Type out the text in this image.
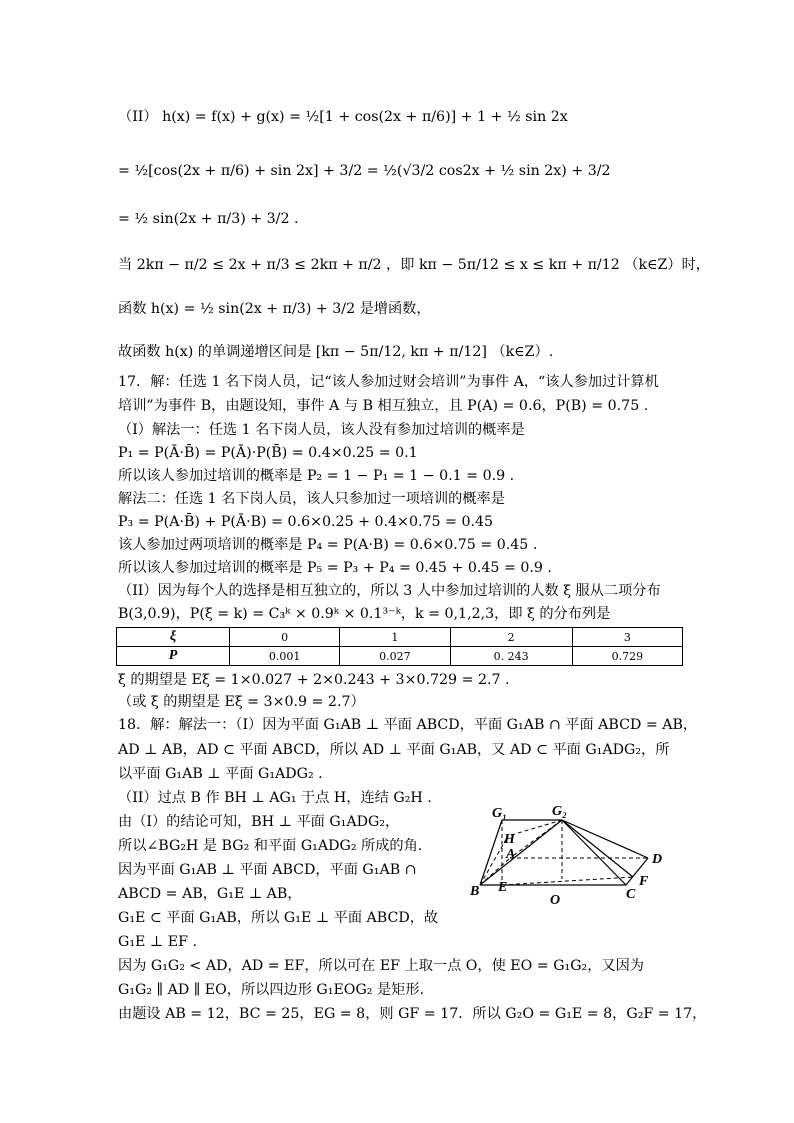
（II） h(x) = f(x) + g(x) = ½[1 + cos(2x + π/6)] + 1 + ½ sin 2x
= ½[cos(2x + π/6) + sin 2x] + 3/2 = ½(√3/2 cos2x + ½ sin 2x) + 3/2
= ½ sin(2x + π/3) + 3/2 .
当 2kπ − π/2 ≤ 2x + π/3 ≤ 2kπ + π/2 ，即 kπ − 5π/12 ≤ x ≤ kπ + π/12 （k∈Z）时，
函数 h(x) = ½ sin(2x + π/3) + 3/2 是增函数，
故函数 h(x) 的单调递增区间是 [kπ − 5π/12, kπ + π/12] （k∈Z）.
17．解：任选 1 名下岗人员，记“该人参加过财会培训”为事件 A，“该人参加过计算机
培训”为事件 B，由题设知，事件 A 与 B 相互独立，且 P(A) = 0.6，P(B) = 0.75 .
（I）解法一：任选 1 名下岗人员，该人没有参加过培训的概率是
P₁ = P(Ā·B̄) = P(Ā)·P(B̄) = 0.4×0.25 = 0.1
所以该人参加过培训的概率是 P₂ = 1 − P₁ = 1 − 0.1 = 0.9 .
解法二：任选 1 名下岗人员，该人只参加过一项培训的概率是
P₃ = P(A·B̄) + P(Ā·B) = 0.6×0.25 + 0.4×0.75 = 0.45
该人参加过两项培训的概率是 P₄ = P(A·B) = 0.6×0.75 = 0.45 .
所以该人参加过培训的概率是 P₅ = P₃ + P₄ = 0.45 + 0.45 = 0.9 .
（II）因为每个人的选择是相互独立的，所以 3 人中参加过培训的人数 ξ 服从二项分布
B(3,0.9)，P(ξ = k) = C₃ᵏ × 0.9ᵏ × 0.1³⁻ᵏ，k = 0,1,2,3，即 ξ 的分布列是
ξ 的期望是 Eξ = 1×0.027 + 2×0.243 + 3×0.729 = 2.7 .
（或 ξ 的期望是 Eξ = 3×0.9 = 2.7）
18．解：解法一：（I）因为平面 G₁AB ⊥ 平面 ABCD，平面 G₁AB ∩ 平面 ABCD = AB，
AD ⊥ AB，AD ⊂ 平面 ABCD，所以 AD ⊥ 平面 G₁AB，又 AD ⊂ 平面 G₁ADG₂，所
以平面 G₁AB ⊥ 平面 G₁ADG₂ .
（II）过点 B 作 BH ⊥ AG₁ 于点 H，连结 G₂H .
由（I）的结论可知，BH ⊥ 平面 G₁ADG₂，
所以∠BG₂H 是 BG₂ 和平面 G₁ADG₂ 所成的角.
因为平面 G₁AB ⊥ 平面 ABCD，平面 G₁AB ∩
ABCD = AB，G₁E ⊥ AB，
G₁E ⊂ 平面 G₁AB，所以 G₁E ⊥ 平面 ABCD，故
G₁E ⊥ EF .
因为 G₁G₂ < AD，AD = EF，所以可在 EF 上取一点 O，使 EO = G₁G₂，又因为
G₁G₂ ∥ AD ∥ EO，所以四边形 G₁EOG₂ 是矩形.
由题设 AB = 12，BC = 25，EG = 8，则 GF = 17．所以 G₂O = G₁E = 8，G₂F = 17，
ξ	0	1	2	3
P	0.001	0.027	0. 243	0.729
G₁	G₂
H
A	D
B E	F
C
O
